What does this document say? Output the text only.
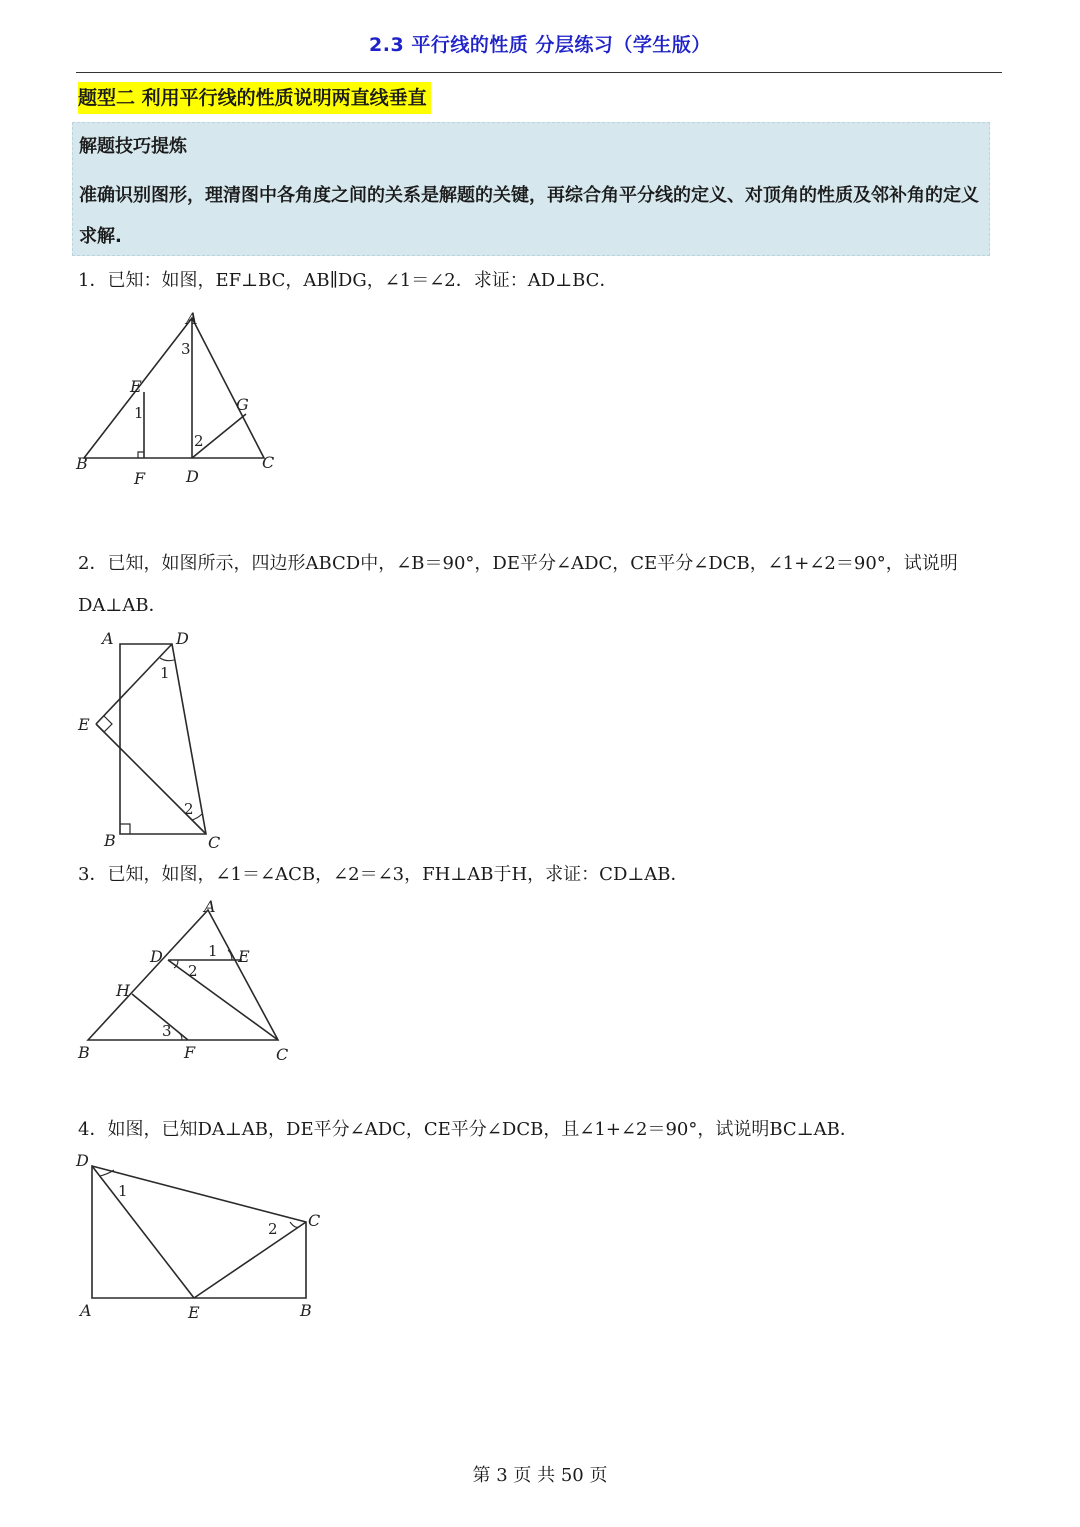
2.3 平行线的性质 分层练习（学生版）
题型二 利用平行线的性质说明两直线垂直
解题技巧提炼
准确识别图形，理清图中各角度之间的关系是解题的关键，再综合角平分线的定义、对顶角的性质及邻补角的定义求解.
1．已知：如图，EF⊥BC，AB∥DG，∠1＝∠2．求证：AD⊥BC．
A
B	C
D
E
F
G
1
2
3
2．已知，如图所示，四边形ABCD中，∠B＝90°，DE平分∠ADC，CE平分∠DCB，∠1+∠2＝90°，试说明DA⊥AB．
A
B	C
D
E
1
2
3．已知，如图，∠1＝∠ACB，∠2＝∠3，FH⊥AB于H，求证：CD⊥AB．
A
B	C
D	E
F
H
1
2
3
4．如图，已知DA⊥AB，DE平分∠ADC，CE平分∠DCB，且∠1+∠2＝90°，试说明BC⊥AB．
D
A	B
C
E
1
2
第 3 页 共 50 页
